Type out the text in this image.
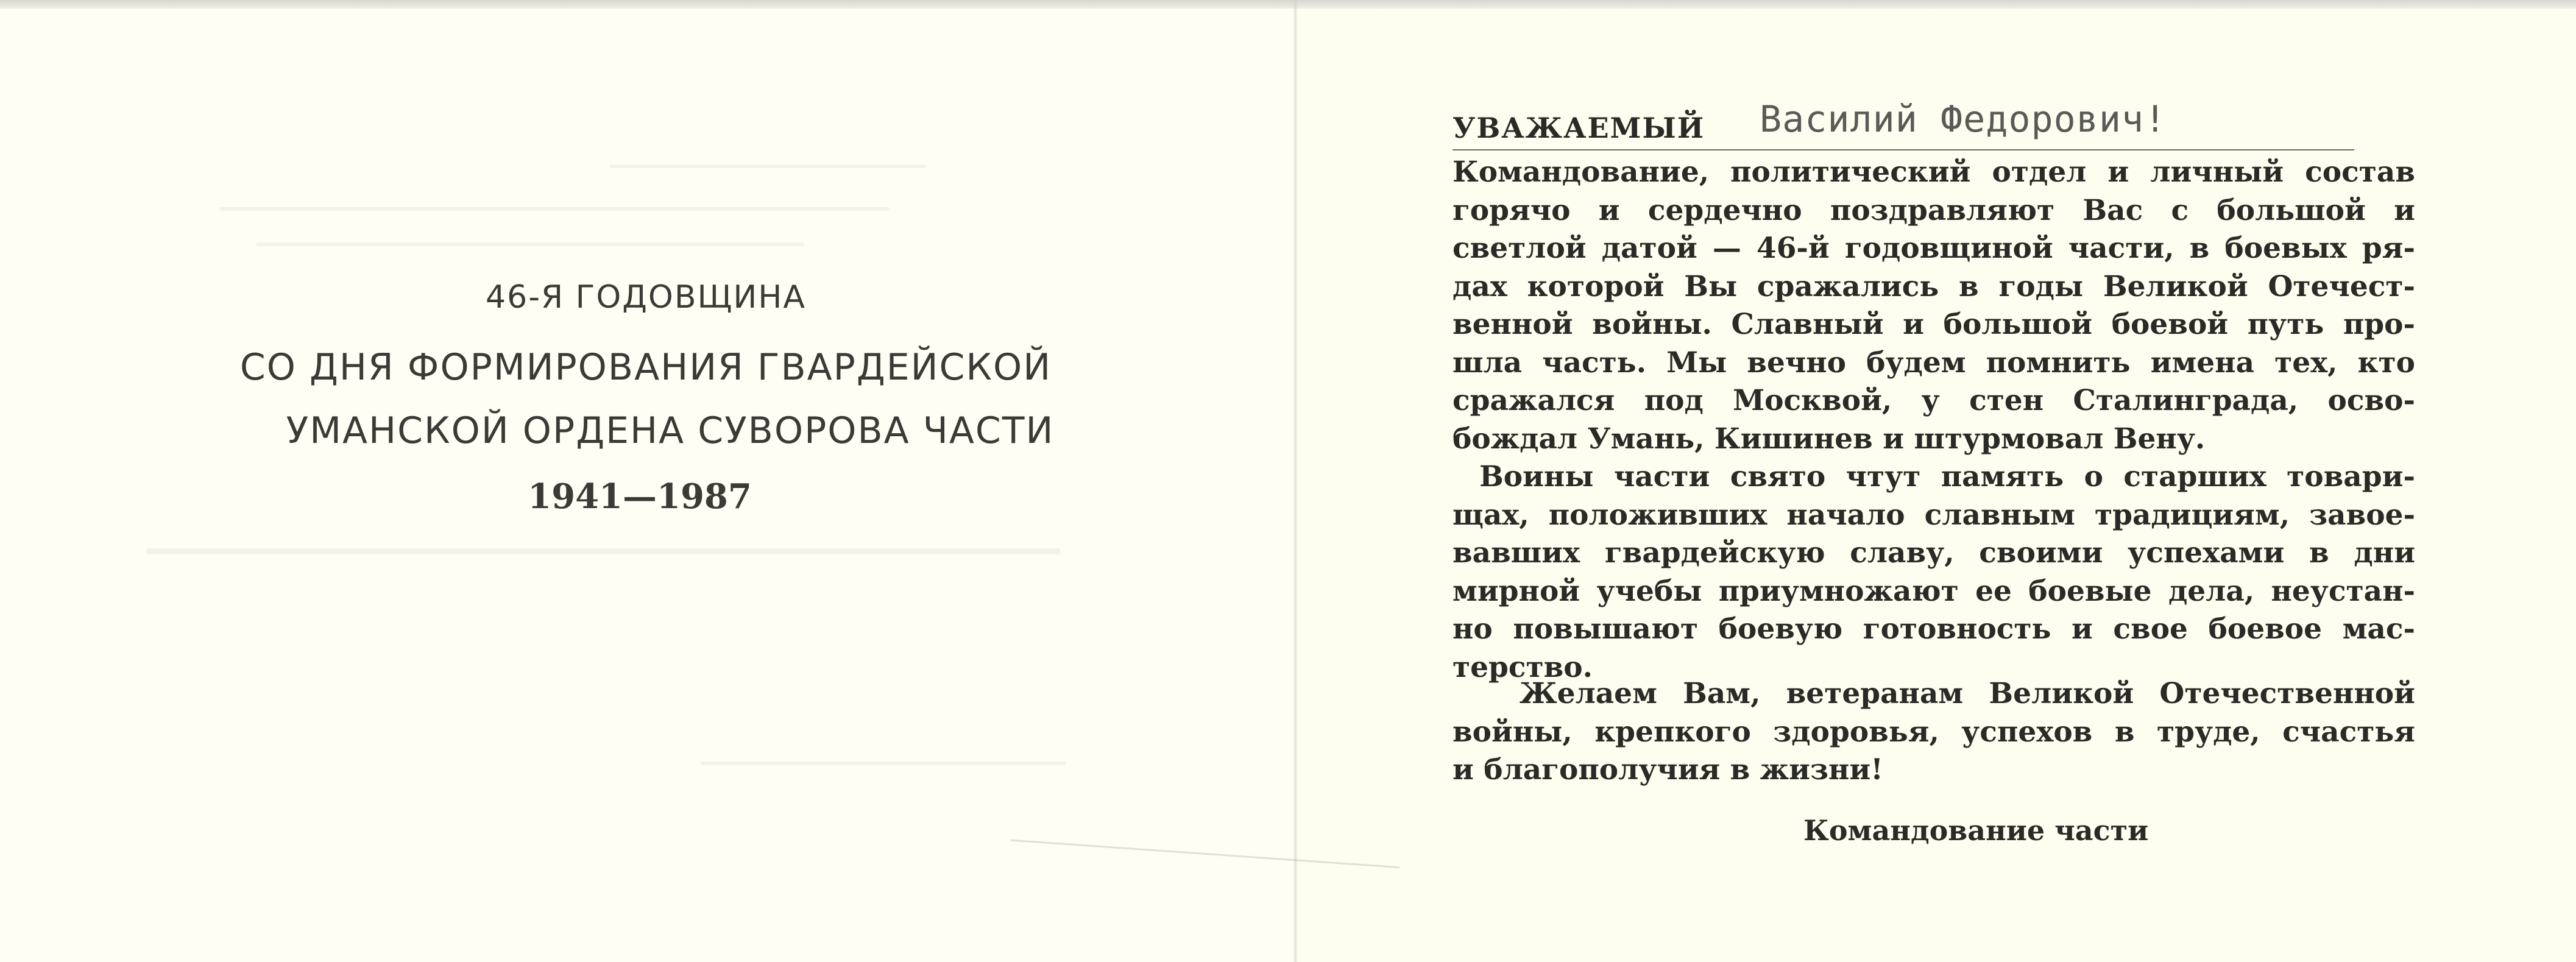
46-Я ГОДОВЩИНА

СО ДНЯ ФОРМИРОВАНИЯ ГВАРДЕЙСКОЙ

УМАНСКОЙ ОРДЕНА СУВОРОВА ЧАСТИ

1941—1987

УВАЖАЕМЫЙ Василий Федорович!
Командование, политический отдел и личный состав
горячо и сердечно поздравляют Вас с большой и
светлой датой — 46-й годовщиной части, в боевых ря-
дах которой Вы сражались в годы Великой Отечест-
венной войны. Славный и большой боевой путь про-
шла часть. Мы вечно будем помнить имена тех, кто
сражался под Москвой, у стен Сталинграда, осво-
бождал Умань, Кишинев и штурмовал Вену.
Воины части свято чтут память о старших товари-
щах, положивших начало славным традициям, завое-
вавших гвардейскую славу, своими успехами в дни
мирной учебы приумножают ее боевые дела, неустан-
но повышают боевую готовность и свое боевое мас-
терство.
Желаем Вам, ветеранам Великой Отечественной
войны, крепкого здоровья, успехов в труде, счастья
и благополучия в жизни!
Командование части
